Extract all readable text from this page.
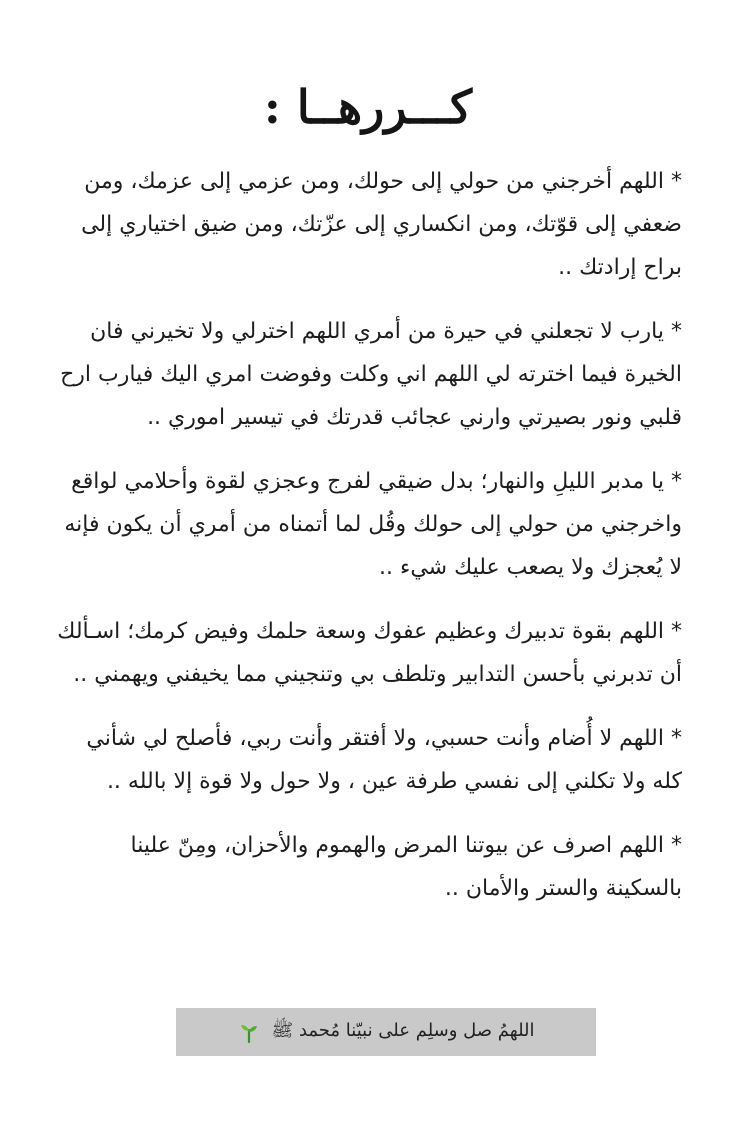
كـــررهــا :

* اللهم أخرجني من حولي إلى حولك، ومن عزمي إلى عزمك، ومن ضعفي إلى قوّتك، ومن انكساري إلى عزّتك، ومن ضيق اختياري إلى براح إرادتك ..

* يارب لا تجعلني في حيرة من أمري اللهم اخترلي ولا تخيرني فان الخيرة فيما اخترته لي اللهم اني وكلت وفوضت امري اليك فيارب ارح قلبي ونور بصيرتي وارني عجائب قدرتك في تيسير اموري ..

* يا مدبر الليلِ والنهار؛ بدل ضيقي لفرج وعجزي لقوة وأحلامي لواقع واخرجني من حولي إلى حولك وقُل لما أتمناه من أمري أن يكون فإنه لا يُعجزك ولا يصعب عليك شيء ..

* اللهم بقوة تدبيرك وعظيم عفوك وسعة حلمك وفيض كرمك؛ اسـألك أن تدبرني بأحسن التدابير وتلطف بي وتنجيني مما يخيفني ويهمني ..

* اللهم لا أُضام وأنت حسبي، ولا أفتقر وأنت ربي، فأصلح لي شأني كله ولا تكلني إلى نفسي طرفة عين ، ولا حول ولا قوة إلا بالله ..

* اللهم اصرف عن بيوتنا المرض والهموم والأحزان، ومِنّ علينا بالسكينة والستر والأمان ..

اللهمُ صل وسلِم على نبيّنا مُحمد ﷺ
